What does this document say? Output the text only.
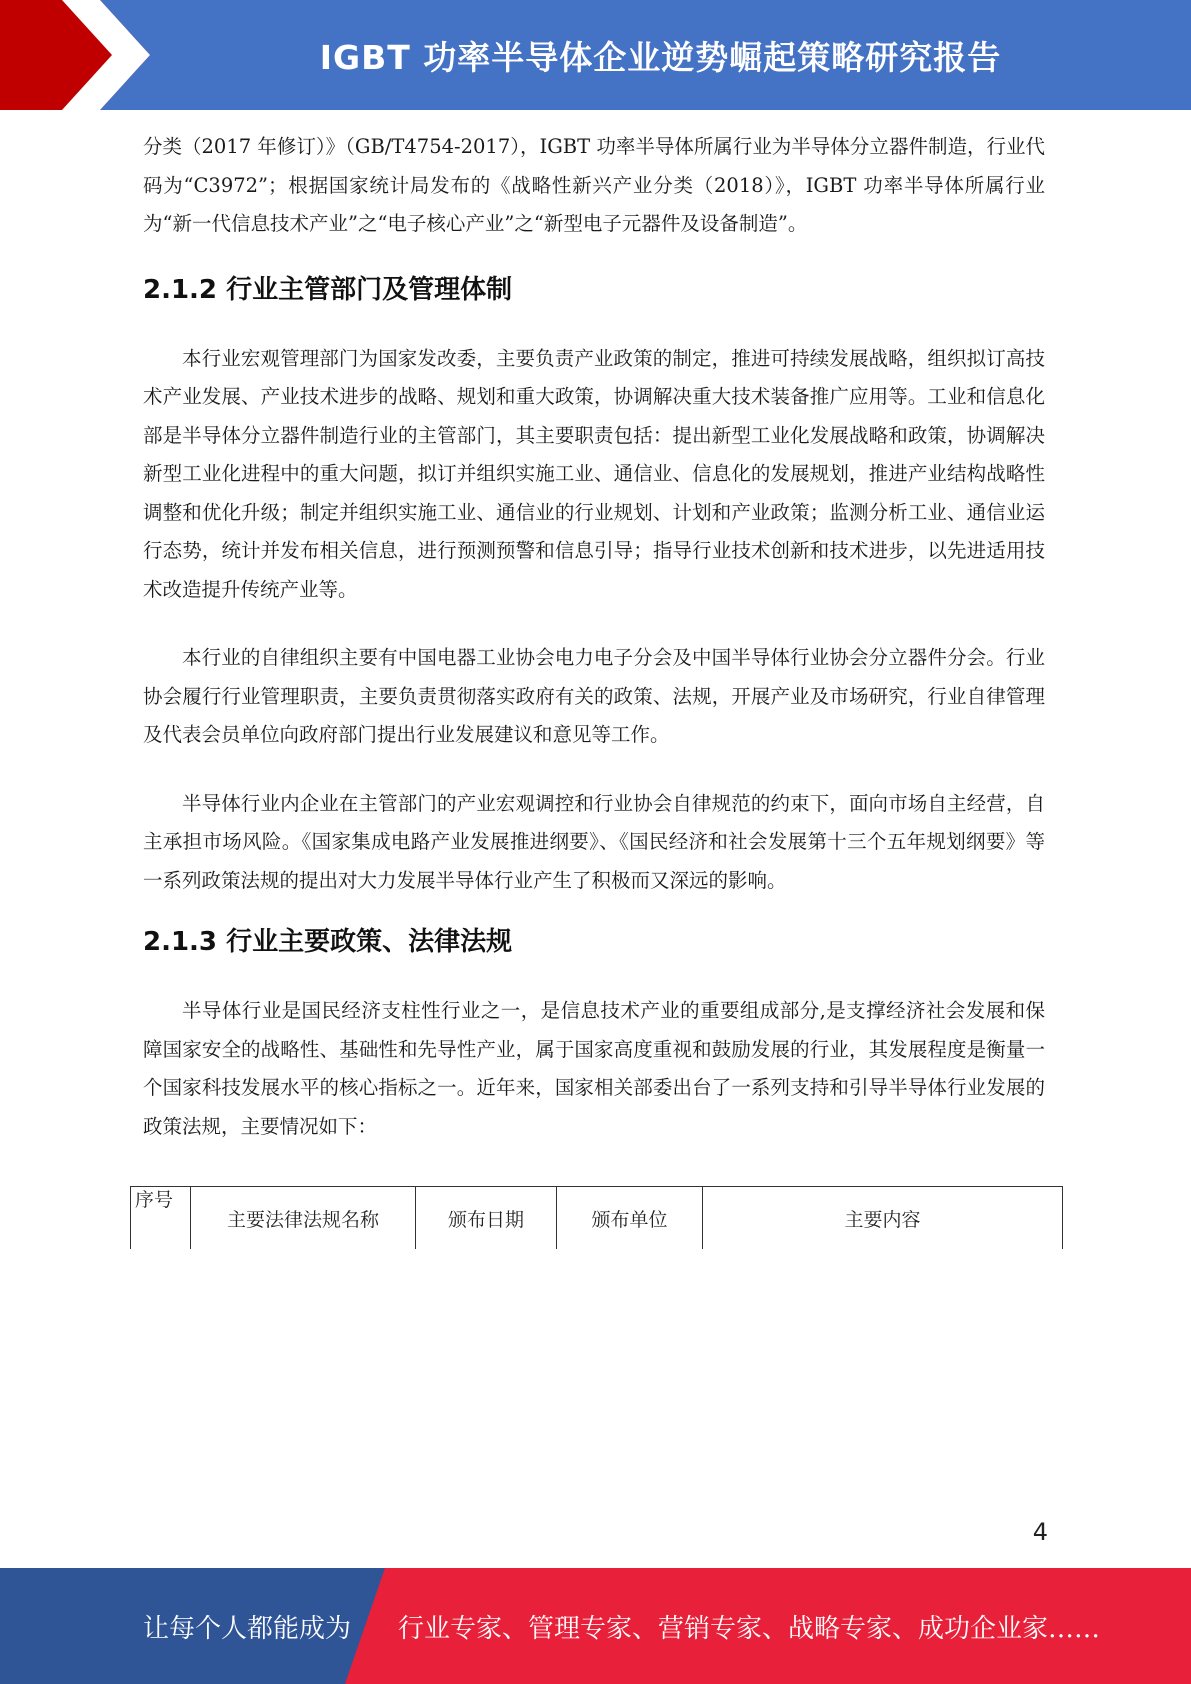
IGBT 功率半导体企业逆势崛起策略研究报告

分类（2017 年修订）》（GB/T4754-2017），IGBT 功率半导体所属行业为半导体分立器件制造，行业代码为“C3972”；根据国家统计局发布的《战略性新兴产业分类（2018）》，IGBT 功率半导体所属行业为“新一代信息技术产业”之“电子核心产业”之“新型电子元器件及设备制造”。

2.1.2 行业主管部门及管理体制

本行业宏观管理部门为国家发改委，主要负责产业政策的制定，推进可持续发展战略，组织拟订高技术产业发展、产业技术进步的战略、规划和重大政策，协调解决重大技术装备推广应用等。工业和信息化部是半导体分立器件制造行业的主管部门，其主要职责包括：提出新型工业化发展战略和政策，协调解决新型工业化进程中的重大问题，拟订并组织实施工业、通信业、信息化的发展规划，推进产业结构战略性调整和优化升级；制定并组织实施工业、通信业的行业规划、计划和产业政策；监测分析工业、通信业运行态势，统计并发布相关信息，进行预测预警和信息引导；指导行业技术创新和技术进步，以先进适用技术改造提升传统产业等。

本行业的自律组织主要有中国电器工业协会电力电子分会及中国半导体行业协会分立器件分会。行业协会履行行业管理职责，主要负责贯彻落实政府有关的政策、法规，开展产业及市场研究，行业自律管理及代表会员单位向政府部门提出行业发展建议和意见等工作。

半导体行业内企业在主管部门的产业宏观调控和行业协会自律规范的约束下，面向市场自主经营，自主承担市场风险。《国家集成电路产业发展推进纲要》、《国民经济和社会发展第十三个五年规划纲要》等一系列政策法规的提出对大力发展半导体行业产生了积极而又深远的影响。

2.1.3 行业主要政策、法律法规

半导体行业是国民经济支柱性行业之一，是信息技术产业的重要组成部分,是支撑经济社会发展和保障国家安全的战略性、基础性和先导性产业，属于国家高度重视和鼓励发展的行业，其发展程度是衡量一个国家科技发展水平的核心指标之一。近年来，国家相关部委出台了一系列支持和引导半导体行业发展的政策法规，主要情况如下：

序号	主要法律法规名称	颁布日期	颁布单位	主要内容
4
让每个人都能成为 行业专家、管理专家、营销专家、战略专家、成功企业家……
